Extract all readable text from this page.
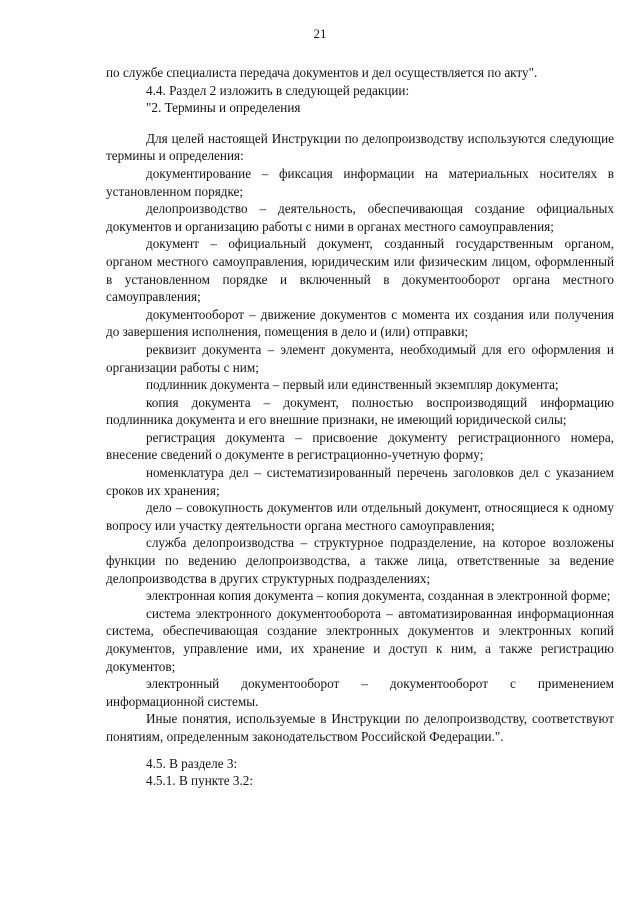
21

по службе специалиста передача документов и дел осуществляется по акту".

4.4. Раздел 2 изложить в следующей редакции:

"2. Термины и определения

Для целей настоящей Инструкции по делопроизводству используются следующие термины и определения:

документирование – фиксация информации на материальных носителях в установленном порядке;

делопроизводство – деятельность, обеспечивающая создание официальных документов и организацию работы с ними в органах местного самоуправления;

документ – официальный документ, созданный государственным органом, органом местного самоуправления, юридическим или физическим лицом, оформленный в установленном порядке и включенный в документооборот органа местного самоуправления;

документооборот – движение документов с момента их создания или получения до завершения исполнения, помещения в дело и (или) отправки;

реквизит документа – элемент документа, необходимый для его оформления и организации работы с ним;

подлинник документа – первый или единственный экземпляр документа;

копия документа – документ, полностью воспроизводящий информацию подлинника документа и его внешние признаки, не имеющий юридической силы;

регистрация документа – присвоение документу регистрационного номера, внесение сведений о документе в регистрационно-учетную форму;

номенклатура дел – систематизированный перечень заголовков дел с указанием сроков их хранения;

дело – совокупность документов или отдельный документ, относящиеся к одному вопросу или участку деятельности органа местного самоуправления;

служба делопроизводства – структурное подразделение, на которое возложены функции по ведению делопроизводства, а также лица, ответственные за ведение делопроизводства в других структурных подразделениях;

электронная копия документа – копия документа, созданная в электронной форме;

система электронного документооборота – автоматизированная информационная система, обеспечивающая создание электронных документов и электронных копий документов, управление ими, их хранение и доступ к ним, а также регистрацию документов;

электронный документооборот – документооборот с применением информационной системы.

Иные понятия, используемые в Инструкции по делопроизводству, соответствуют понятиям, определенным законодательством Российской Федерации.".

4.5. В разделе 3:

4.5.1. В пункте 3.2:
